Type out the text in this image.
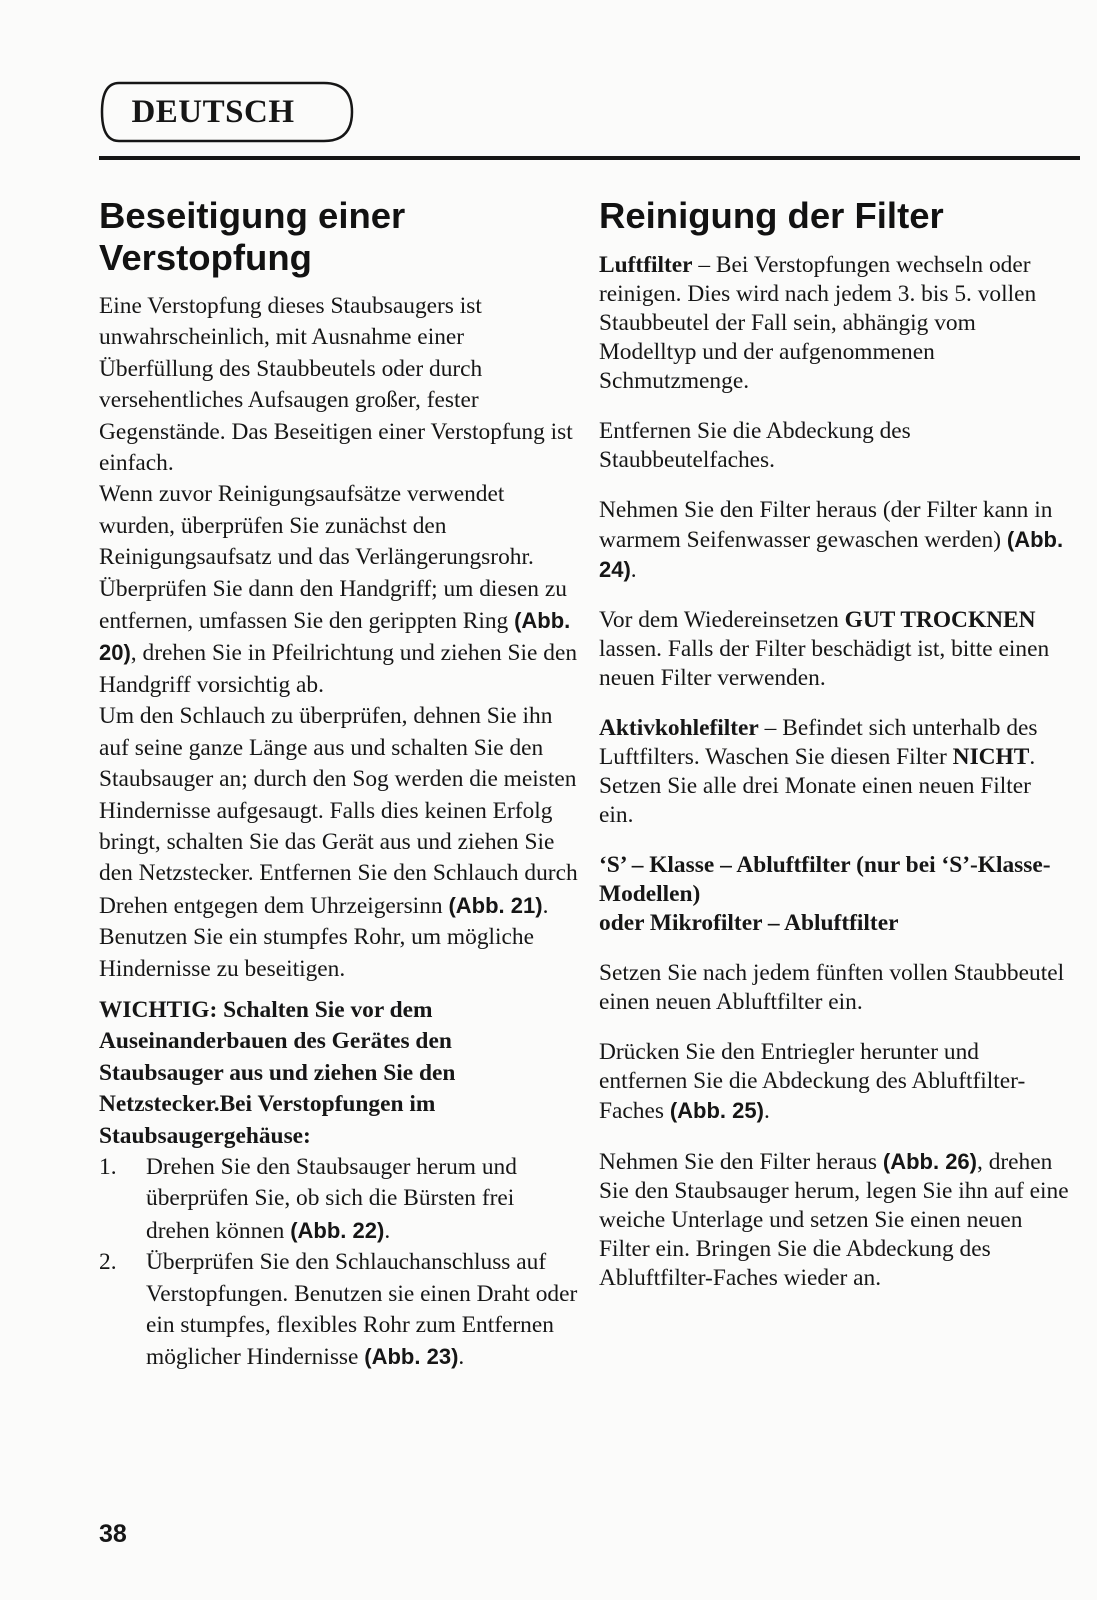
DEUTSCH
Beseitigung einer
Verstopfung

Eine Verstopfung dieses Staubsaugers ist unwahrscheinlich, mit Ausnahme einer Überfüllung des Staubbeutels oder durch versehentliches Aufsaugen großer, fester Gegenstände. Das Beseitigen einer Verstopfung ist einfach.

Wenn zuvor Reinigungsaufsätze verwendet wurden, überprüfen Sie zunächst den Reinigungsaufsatz und das Verlängerungsrohr. Überprüfen Sie dann den Handgriff; um diesen zu entfernen, umfassen Sie den gerippten Ring (Abb. 20), drehen Sie in Pfeilrichtung und ziehen Sie den Handgriff vorsichtig ab.

Um den Schlauch zu überprüfen, dehnen Sie ihn auf seine ganze Länge aus und schalten Sie den Staubsauger an; durch den Sog werden die meisten Hindernisse aufgesaugt. Falls dies keinen Erfolg

bringt, schalten Sie das Gerät aus und ziehen Sie den Netzstecker. Entfernen Sie den Schlauch durch Drehen entgegen dem Uhrzeigersinn (Abb. 21). Benutzen Sie ein stumpfes Rohr, um mögliche Hindernisse zu beseitigen.

WICHTIG: Schalten Sie vor dem Auseinanderbauen des Gerätes den Staubsauger aus und ziehen Sie den Netzstecker.Bei Verstopfungen im Staubsaugergehäuse:

1. Drehen Sie den Staubsauger herum und überprüfen Sie, ob sich die Bürsten frei drehen können (Abb. 22).
2. Überprüfen Sie den Schlauchanschluss auf Verstopfungen. Benutzen sie einen Draht oder ein stumpfes, flexibles Rohr zum Entfernen möglicher Hindernisse (Abb. 23).
Reinigung der Filter

Luftfilter – Bei Verstopfungen wechseln oder reinigen. Dies wird nach jedem 3. bis 5. vollen Staubbeutel der Fall sein, abhängig vom Modelltyp und der aufgenommenen Schmutzmenge.

Entfernen Sie die Abdeckung des Staubbeutelfaches.

Nehmen Sie den Filter heraus (der Filter kann in warmem Seifenwasser gewaschen werden) (Abb. 24).

Vor dem Wiedereinsetzen GUT TROCKNEN lassen. Falls der Filter beschädigt ist, bitte einen neuen Filter verwenden.

Aktivkohlefilter – Befindet sich unterhalb des Luftfilters. Waschen Sie diesen Filter NICHT. Setzen Sie alle drei Monate einen neuen Filter ein.

‘S’ – Klasse – Abluftfilter (nur bei ‘S’-Klasse-Modellen)
oder Mikrofilter – Abluftfilter

Setzen Sie nach jedem fünften vollen Staubbeutel einen neuen Abluftfilter ein.

Drücken Sie den Entriegler herunter und entfernen Sie die Abdeckung des Abluftfilter-Faches (Abb. 25).

Nehmen Sie den Filter heraus (Abb. 26), drehen Sie den Staubsauger herum, legen Sie ihn auf eine weiche Unterlage und setzen Sie einen neuen Filter ein. Bringen Sie die Abdeckung des Abluftfilter-Faches wieder an.

38
